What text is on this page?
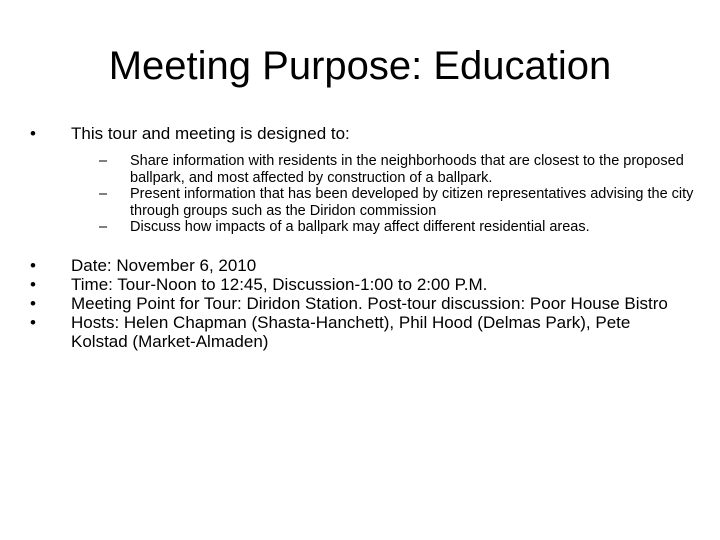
Meeting Purpose: Education
•	This tour and meeting is designed to:
–	Share information with residents in the neighborhoods that are closest to the proposed ballpark, and most affected by construction of a ballpark.
–	Present information that has been developed by citizen representatives advising the city through groups such as the Diridon commission
–	Discuss how impacts of a ballpark may affect different residential areas.
•	Date: November 6, 2010
•	Time: Tour-Noon to 12:45, Discussion-1:00 to 2:00 P.M.
•	Meeting Point for Tour: Diridon Station. Post-tour discussion: Poor House Bistro
•	Hosts: Helen Chapman (Shasta-Hanchett), Phil Hood (Delmas Park), Pete Kolstad (Market-Almaden)
